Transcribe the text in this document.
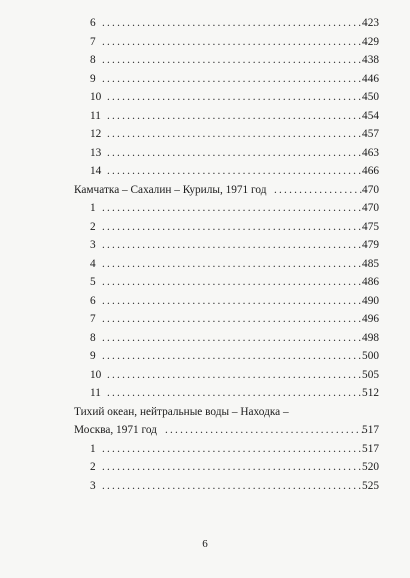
6 ....................................................
423
7 ....................................................
429
8 ....................................................
438
9 ....................................................
446
10 ...................................................
450
11 ...................................................
454
12 ...................................................
457
13 ...................................................
463
14 ...................................................
466
Камчатка – Сахалин – Курилы, 1971 год ..................
470
1 ....................................................
470
2 ....................................................
475
3 ....................................................
479
4 ....................................................
485
5 ....................................................
486
6 ....................................................
490
7 ....................................................
496
8 ....................................................
498
9 ....................................................
500
10 ...................................................
505
11 ...................................................
512
Тихий океан, нейтральные воды – Находка –
Москва, 1971 год ........................................
517
1 ....................................................
517
2 ....................................................
520
3 ....................................................
525
6
